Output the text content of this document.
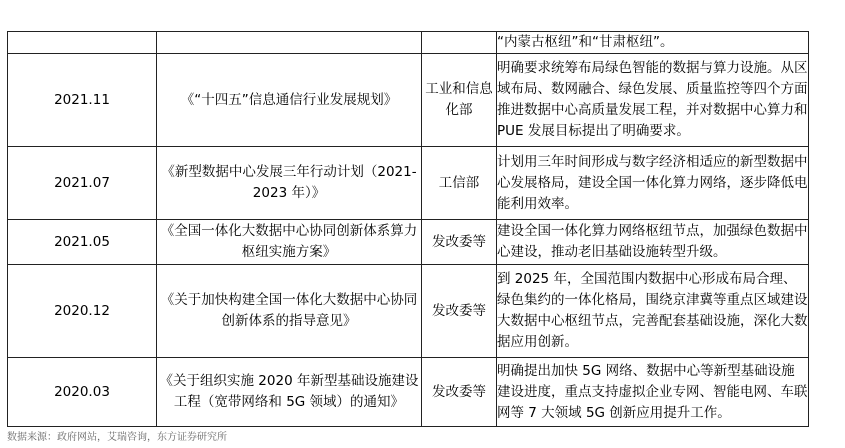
			“内蒙古枢纽”和“甘肃枢纽”。
2021.11	《“十四五”信息通信行业发展规划》	工业和信息化部	明确要求统筹布局绿色智能的数据与算力设施。从区域布局、数网融合、绿色发展、质量监控等四个方面推进数据中心高质量发展工程，并对数据中心算力和 PUE 发展目标提出了明确要求。
2021.07	《新型数据中心发展三年行动计划（2021-2023 年）》	工信部	计划用三年时间形成与数字经济相适应的新型数据中心发展格局，建设全国一体化算力网络，逐步降低电能利用效率。
2021.05	《全国一体化大数据中心协同创新体系算力枢纽实施方案》	发改委等	建设全国一体化算力网络枢纽节点，加强绿色数据中心建设，推动老旧基础设施转型升级。
2020.12	《关于加快构建全国一体化大数据中心协同创新体系的指导意见》	发改委等	到 2025 年，全国范围内数据中心形成布局合理、绿色集约的一体化格局，围绕京津冀等重点区域建设大数据中心枢纽节点，完善配套基础设施，深化大数据应用创新。
2020.03	《关于组织实施 2020 年新型基础设施建设工程（宽带网络和 5G 领域）的通知》	发改委等	明确提出加快 5G 网络、数据中心等新型基础设施建设进度，重点支持虚拟企业专网、智能电网、车联网等 7 大领域 5G 创新应用提升工作。
数据来源：政府网站，艾瑞咨询，东方证券研究所
